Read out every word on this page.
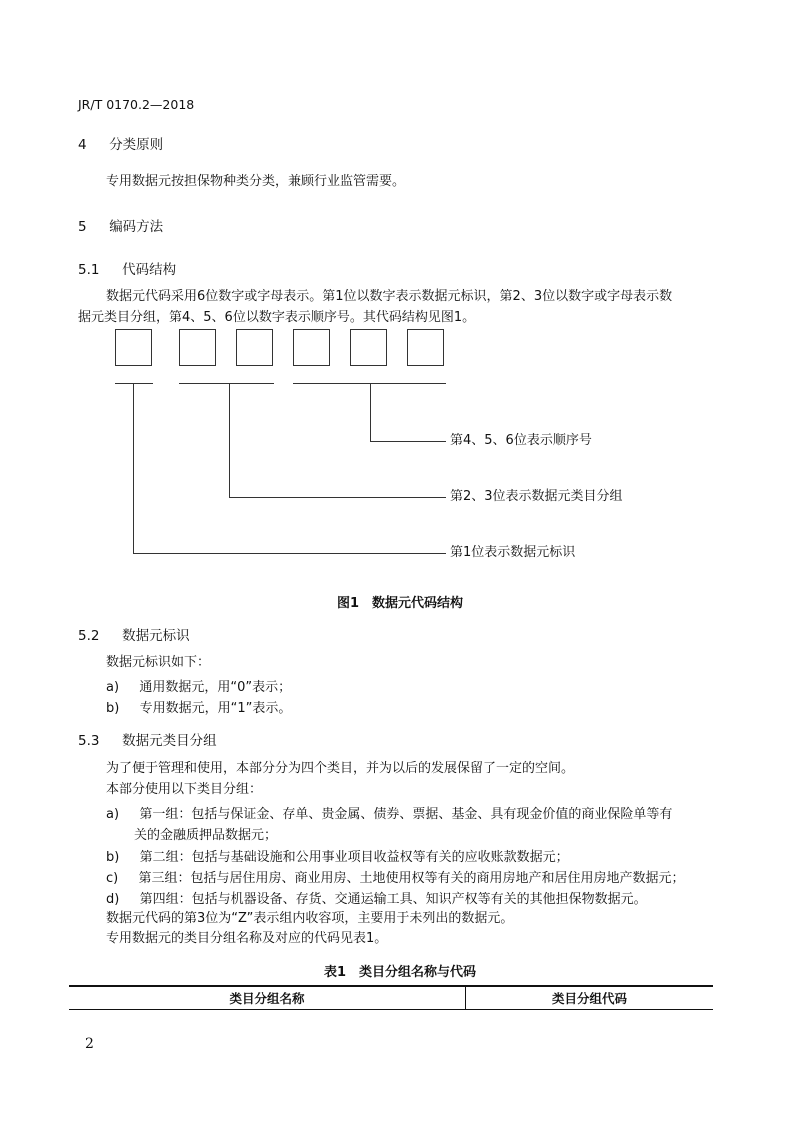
JR/T 0170.2—2018
4 分类原则
专用数据元按担保物种类分类，兼顾行业监管需要。
5 编码方法
5.1 代码结构
数据元代码采用6位数字或字母表示。第1位以数字表示数据元标识，第2、3位以数字或字母表示数
据元类目分组，第4、5、6位以数字表示顺序号。其代码结构见图1。
第4、5、6位表示顺序号
第2、3位表示数据元类目分组
第1位表示数据元标识
图1　数据元代码结构
5.2 数据元标识
数据元标识如下：
a) 通用数据元，用“0”表示；
b) 专用数据元，用“1”表示。
5.3 数据元类目分组
为了便于管理和使用，本部分分为四个类目，并为以后的发展保留了一定的空间。
本部分使用以下类目分组：
a) 第一组：包括与保证金、存单、贵金属、债券、票据、基金、具有现金价值的商业保险单等有
关的金融质押品数据元；
b) 第二组：包括与基础设施和公用事业项目收益权等有关的应收账款数据元；
c) 第三组：包括与居住用房、商业用房、土地使用权等有关的商用房地产和居住用房地产数据元；
d) 第四组：包括与机器设备、存货、交通运输工具、知识产权等有关的其他担保物数据元。
数据元代码的第3位为“Z”表示组内收容项，主要用于未列出的数据元。
专用数据元的类目分组名称及对应的代码见表1。
表1　类目分组名称与代码
类目分组名称	类目分组代码
2
